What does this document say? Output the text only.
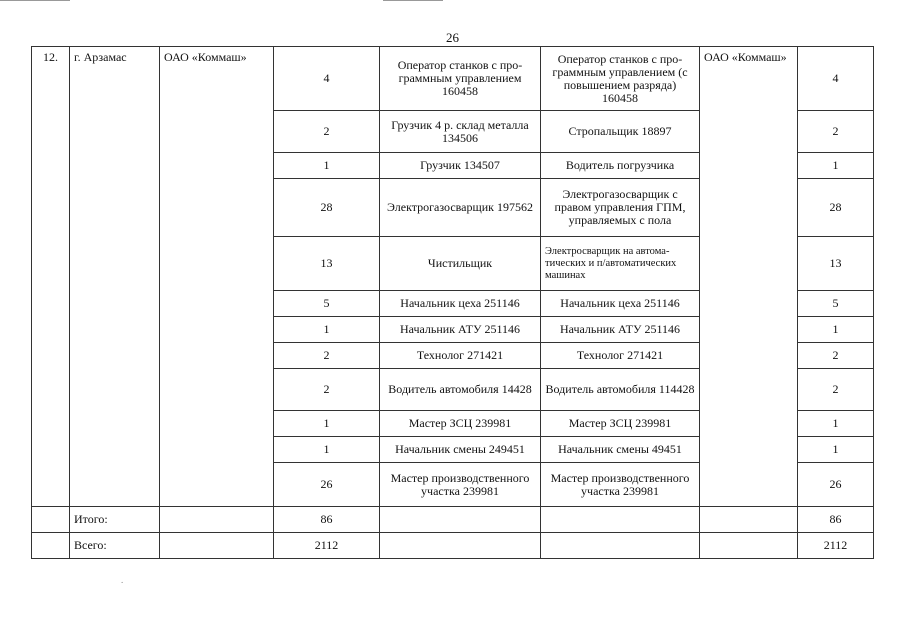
26
12.	г. Арзамас	ОАО «Коммаш»	4	Оператор станков с про-граммным управлением 160458	Оператор станков с про-граммным управлением (с повышением разряда) 160458	ОАО «Коммаш»	4
			2	Грузчик 4 р. склад металла 134506	Стропальщик 18897		2
			1	Грузчик 134507	Водитель погрузчика		1
			28	Электрогазосварщик 197562	Электрогазосварщик с правом управления ГПМ, управляемых с пола		28
			13	Чистильщик	Электросварщик на автома-тических и п/автоматических машинах		13
			5	Начальник цеха 251146	Начальник цеха 251146		5
			1	Начальник АТУ 251146	Начальник АТУ 251146		1
			2	Технолог 271421	Технолог 271421		2
			2	Водитель автомобиля 14428	Водитель автомобиля 114428		2
			1	Мастер ЗСЦ 239981	Мастер ЗСЦ 239981		1
			1	Начальник смены 249451	Начальник смены 49451		1
			26	Мастер производственного участка 239981	Мастер производственного участка 239981		26
	Итого:		86				86
	Всего:		2112				2112
.
